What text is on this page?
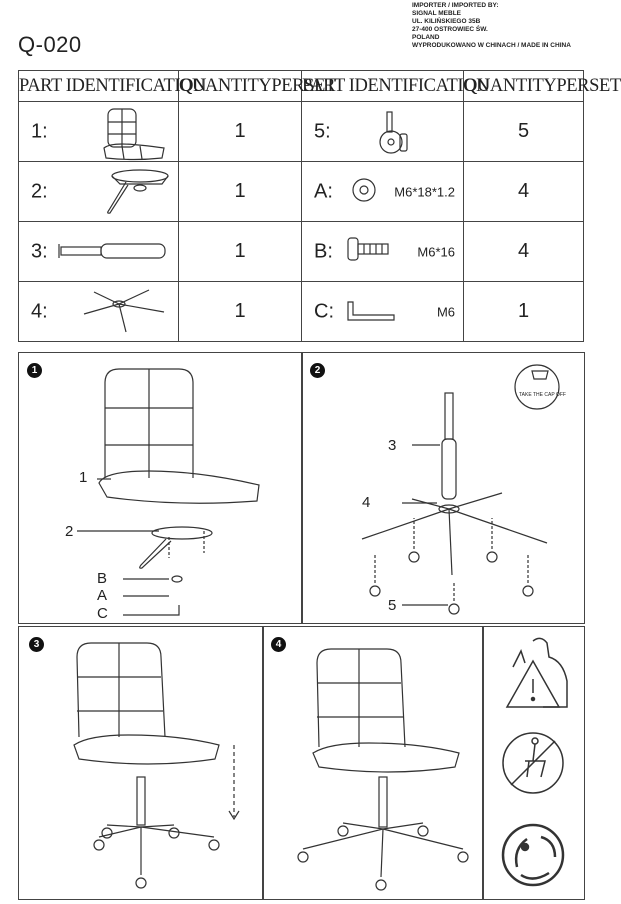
Q-020
IMPORTER / IMPORTED BY:
SIGNAL MEBLE
UL. KILIŃSKIEGO 35B
27-400 OSTROWIEC ŚW.
POLAND
WYPRODUKOWANO W CHINACH / MADE IN CHINA
PART IDENTIFICATION	QUANTITYPERSET	PART IDENTIFICATION	QUANTITYPERSET

1:	1	5:	5

2:	1	A: M6*18*1.2	4

3:	1	B: M6*16	4

4:	1	C: M6	1
1
1
2
B
A
C
2
3
4
5
TAKE THE CAP OFF
3	4
